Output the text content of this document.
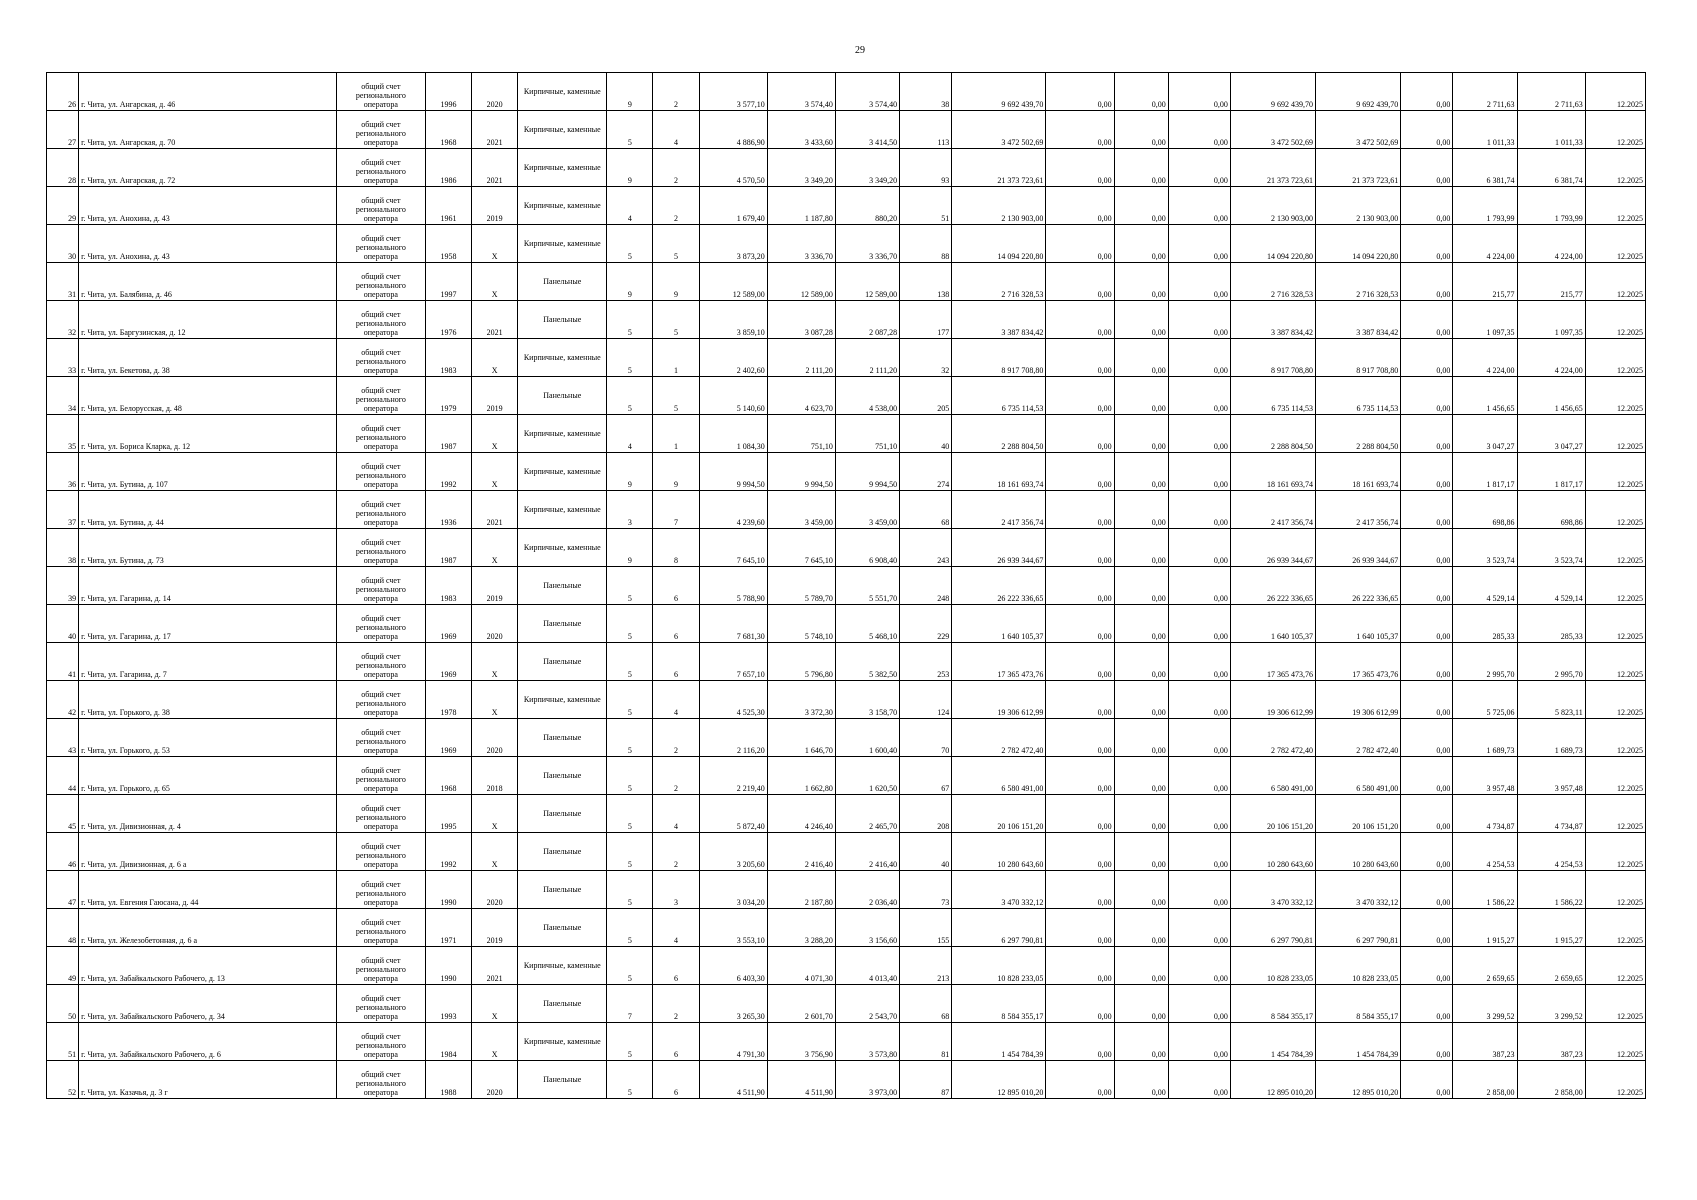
29
26	г. Чита, ул. Ангарская, д. 46	общий счет регионального оператора	1996	2020	Кирпичные, каменные	9	2	3 577,10	3 574,40	3 574,40	38	9 692 439,70	0,00	0,00	0,00	9 692 439,70	9 692 439,70	0,00	2 711,63	2 711,63	12.2025
27	г. Чита, ул. Ангарская, д. 70	общий счет регионального оператора	1968	2021	Кирпичные, каменные	5	4	4 886,90	3 433,60	3 414,50	113	3 472 502,69	0,00	0,00	0,00	3 472 502,69	3 472 502,69	0,00	1 011,33	1 011,33	12.2025
28	г. Чита, ул. Ангарская, д. 72	общий счет регионального оператора	1986	2021	Кирпичные, каменные	9	2	4 570,50	3 349,20	3 349,20	93	21 373 723,61	0,00	0,00	0,00	21 373 723,61	21 373 723,61	0,00	6 381,74	6 381,74	12.2025
29	г. Чита, ул. Анохина, д. 43	общий счет регионального оператора	1961	2019	Кирпичные, каменные	4	2	1 679,40	1 187,80	880,20	51	2 130 903,00	0,00	0,00	0,00	2 130 903,00	2 130 903,00	0,00	1 793,99	1 793,99	12.2025
30	г. Чита, ул. Анохина, д. 43	общий счет регионального оператора	1958	X	Кирпичные, каменные	5	5	3 873,20	3 336,70	3 336,70	88	14 094 220,80	0,00	0,00	0,00	14 094 220,80	14 094 220,80	0,00	4 224,00	4 224,00	12.2025
31	г. Чита, ул. Балябина, д. 46	общий счет регионального оператора	1997	X	Панельные	9	9	12 589,00	12 589,00	12 589,00	138	2 716 328,53	0,00	0,00	0,00	2 716 328,53	2 716 328,53	0,00	215,77	215,77	12.2025
32	г. Чита, ул. Баргузинская, д. 12	общий счет регионального оператора	1976	2021	Панельные	5	5	3 859,10	3 087,28	2 087,28	177	3 387 834,42	0,00	0,00	0,00	3 387 834,42	3 387 834,42	0,00	1 097,35	1 097,35	12.2025
33	г. Чита, ул. Бекетова, д. 38	общий счет регионального оператора	1983	X	Кирпичные, каменные	5	1	2 402,60	2 111,20	2 111,20	32	8 917 708,80	0,00	0,00	0,00	8 917 708,80	8 917 708,80	0,00	4 224,00	4 224,00	12.2025
34	г. Чита, ул. Белорусская, д. 48	общий счет регионального оператора	1979	2019	Панельные	5	5	5 140,60	4 623,70	4 538,00	205	6 735 114,53	0,00	0,00	0,00	6 735 114,53	6 735 114,53	0,00	1 456,65	1 456,65	12.2025
35	г. Чита, ул. Бориса Кларка, д. 12	общий счет регионального оператора	1987	X	Кирпичные, каменные	4	1	1 084,30	751,10	751,10	40	2 288 804,50	0,00	0,00	0,00	2 288 804,50	2 288 804,50	0,00	3 047,27	3 047,27	12.2025
36	г. Чита, ул. Бутина, д. 107	общий счет регионального оператора	1992	X	Кирпичные, каменные	9	9	9 994,50	9 994,50	9 994,50	274	18 161 693,74	0,00	0,00	0,00	18 161 693,74	18 161 693,74	0,00	1 817,17	1 817,17	12.2025
37	г. Чита, ул. Бутина, д. 44	общий счет регионального оператора	1936	2021	Кирпичные, каменные	3	7	4 239,60	3 459,00	3 459,00	68	2 417 356,74	0,00	0,00	0,00	2 417 356,74	2 417 356,74	0,00	698,86	698,86	12.2025
38	г. Чита, ул. Бутина, д. 73	общий счет регионального оператора	1987	X	Кирпичные, каменные	9	8	7 645,10	7 645,10	6 908,40	243	26 939 344,67	0,00	0,00	0,00	26 939 344,67	26 939 344,67	0,00	3 523,74	3 523,74	12.2025
39	г. Чита, ул. Гагарина, д. 14	общий счет регионального оператора	1983	2019	Панельные	5	6	5 788,90	5 789,70	5 551,70	248	26 222 336,65	0,00	0,00	0,00	26 222 336,65	26 222 336,65	0,00	4 529,14	4 529,14	12.2025
40	г. Чита, ул. Гагарина, д. 17	общий счет регионального оператора	1969	2020	Панельные	5	6	7 681,30	5 748,10	5 468,10	229	1 640 105,37	0,00	0,00	0,00	1 640 105,37	1 640 105,37	0,00	285,33	285,33	12.2025
41	г. Чита, ул. Гагарина, д. 7	общий счет регионального оператора	1969	X	Панельные	5	6	7 657,10	5 796,80	5 382,50	253	17 365 473,76	0,00	0,00	0,00	17 365 473,76	17 365 473,76	0,00	2 995,70	2 995,70	12.2025
42	г. Чита, ул. Горького, д. 38	общий счет регионального оператора	1978	X	Кирпичные, каменные	5	4	4 525,30	3 372,30	3 158,70	124	19 306 612,99	0,00	0,00	0,00	19 306 612,99	19 306 612,99	0,00	5 725,06	5 823,11	12.2025
43	г. Чита, ул. Горького, д. 53	общий счет регионального оператора	1969	2020	Панельные	5	2	2 116,20	1 646,70	1 600,40	70	2 782 472,40	0,00	0,00	0,00	2 782 472,40	2 782 472,40	0,00	1 689,73	1 689,73	12.2025
44	г. Чита, ул. Горького, д. 65	общий счет регионального оператора	1968	2018	Панельные	5	2	2 219,40	1 662,80	1 620,50	67	6 580 491,00	0,00	0,00	0,00	6 580 491,00	6 580 491,00	0,00	3 957,48	3 957,48	12.2025
45	г. Чита, ул. Дивизионная, д. 4	общий счет регионального оператора	1995	X	Панельные	5	4	5 872,40	4 246,40	2 465,70	208	20 106 151,20	0,00	0,00	0,00	20 106 151,20	20 106 151,20	0,00	4 734,87	4 734,87	12.2025
46	г. Чита, ул. Дивизионная, д. 6 а	общий счет регионального оператора	1992	X	Панельные	5	2	3 205,60	2 416,40	2 416,40	40	10 280 643,60	0,00	0,00	0,00	10 280 643,60	10 280 643,60	0,00	4 254,53	4 254,53	12.2025
47	г. Чита, ул. Евгения Гаюсана, д. 44	общий счет регионального оператора	1990	2020	Панельные	5	3	3 034,20	2 187,80	2 036,40	73	3 470 332,12	0,00	0,00	0,00	3 470 332,12	3 470 332,12	0,00	1 586,22	1 586,22	12.2025
48	г. Чита, ул. Железобетонная, д. 6 а	общий счет регионального оператора	1971	2019	Панельные	5	4	3 553,10	3 288,20	3 156,60	155	6 297 790,81	0,00	0,00	0,00	6 297 790,81	6 297 790,81	0,00	1 915,27	1 915,27	12.2025
49	г. Чита, ул. Забайкальского Рабочего, д. 13	общий счет регионального оператора	1990	2021	Кирпичные, каменные	5	6	6 403,30	4 071,30	4 013,40	213	10 828 233,05	0,00	0,00	0,00	10 828 233,05	10 828 233,05	0,00	2 659,65	2 659,65	12.2025
50	г. Чита, ул. Забайкальского Рабочего, д. 34	общий счет регионального оператора	1993	X	Панельные	7	2	3 265,30	2 601,70	2 543,70	68	8 584 355,17	0,00	0,00	0,00	8 584 355,17	8 584 355,17	0,00	3 299,52	3 299,52	12.2025
51	г. Чита, ул. Забайкальского Рабочего, д. 6	общий счет регионального оператора	1984	X	Кирпичные, каменные	5	6	4 791,30	3 756,90	3 573,80	81	1 454 784,39	0,00	0,00	0,00	1 454 784,39	1 454 784,39	0,00	387,23	387,23	12.2025
52	г. Чита, ул. Казачья, д. 3 г	общий счет регионального оператора	1988	2020	Панельные	5	6	4 511,90	4 511,90	3 973,00	87	12 895 010,20	0,00	0,00	0,00	12 895 010,20	12 895 010,20	0,00	2 858,00	2 858,00	12.2025
